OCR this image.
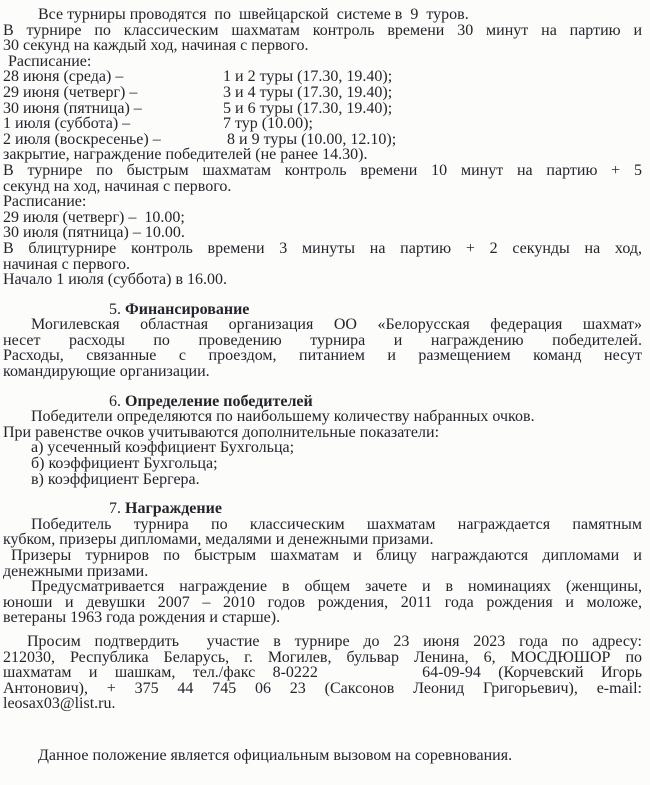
Все турниры проводятся  по  швейцарской  системе в  9  туров.
В турнире по классическим шахматам контроль времени 30 минут на партию и
30 секунд на каждый ход, начиная с первого.
Расписание:
28 июня (среда) –	1 и 2 туры (17.30, 19.40);
29 июня (четверг) –	3 и 4 туры (17.30, 19.40);
30 июня (пятница) –	5 и 6 туры (17.30, 19.40);
1 июля (суббота) –	7 тур (10.00);
2 июля (воскресенье) –	8 и 9 туры (10.00, 12.10);
закрытие, награждение победителей (не ранее 14.30).
В турнире по быстрым шахматам контроль времени 10 минут на партию + 5
секунд на ход, начиная с первого.
Расписание:
29 июля (четверг) –  10.00;
30 июля (пятница) – 10.00.
В блицтурнире контроль времени 3 минуты на партию + 2 секунды на ход,
начиная с первого.
Начало 1 июля (суббота) в 16.00.
5. Финансирование
Могилевская областная организация ОО «Белорусская федерация шахмат»
несет расходы по проведению турнира и награждению победителей.
Расходы, связанные с проездом, питанием и размещением команд несут
командирующие организации.
6. Определение победителей
Победители определяются по наибольшему количеству набранных очков.
При равенстве очков учитываются дополнительные показатели:
а) усеченный коэффициент Бухгольца;
б) коэффициент Бухгольца;
в) коэффициент Бергера.
7. Награждение
Победитель турнира по классическим шахматам награждается памятным
кубком, призеры дипломами, медалями и денежными призами.
Призеры турниров по быстрым шахматам и блицу награждаются дипломами и
денежными призами.
Предусматривается награждение в общем зачете и в номинациях (женщины,
юноши и девушки 2007 – 2010 годов рождения, 2011 года рождения и моложе,
ветераны 1963 года рождения и старше).
Просим подтвердить  участие в турнире до 23 июня 2023 года по адресу:
212030, Республика Беларусь, г. Могилев, бульвар Ленина, 6, МОСДЮШОР по
шахматам и шашкам, тел./факс 8-0222      64-09-94 (Корчевский Игорь
Антонович), + 375 44 745 06 23 (Саксонов Леонид Григорьевич), e-mail:
leosax03@list.ru.
Данное положение является официальным вызовом на соревнования.
